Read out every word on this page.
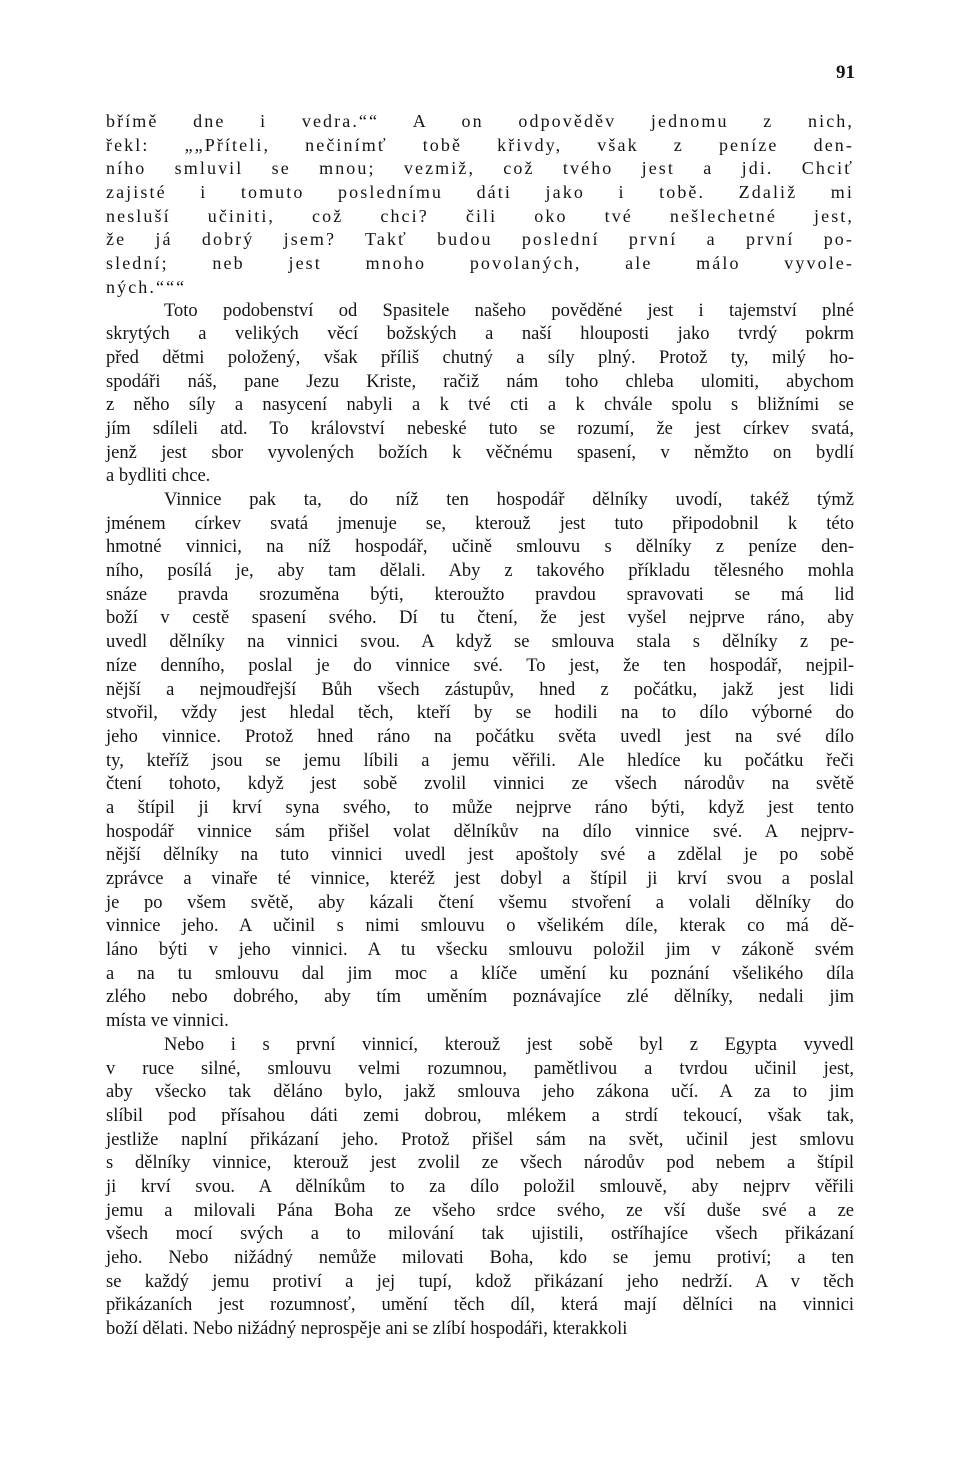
91
břímě dne i vedra.““ A on odpověděv jednomu z nich,
řekl: „„Příteli, nečinímť tobě křivdy, však z peníze den-
ního smluvil se mnou; vezmiž, což tvého jest a jdi. Chciť
zajisté i tomuto poslednímu dáti jako i tobě. Zdaliž mi
nesluší učiniti, což chci? čili oko tvé nešlechetné jest,
že já dobrý jsem? Takť budou poslední první a první po-
slední; neb jest mnoho povolaných, ale málo vyvole-
ných.“““
Toto podobenství od Spasitele našeho pověděné jest i tajemství plné
skrytých a velikých věcí božských a naší hlouposti jako tvrdý pokrm
před dětmi položený, však příliš chutný a síly plný. Protož ty, milý ho-
spodáři náš, pane Jezu Kriste, račiž nám toho chleba ulomiti, abychom
z něho síly a nasycení nabyli a k tvé cti a k chvále spolu s bližními se
jím sdíleli atd. To království nebeské tuto se rozumí, že jest církev svatá,
jenž jest sbor vyvolených božích k věčnému spasení, v němžto on bydlí
a bydliti chce.
Vinnice pak ta, do níž ten hospodář dělníky uvodí, takéž týmž
jménem církev svatá jmenuje se, kterouž jest tuto připodobnil k této
hmotné vinnici, na níž hospodář, učině smlouvu s dělníky z peníze den-
ního, posílá je, aby tam dělali. Aby z takového příkladu tělesného mohla
snáze pravda srozuměna býti, kteroužto pravdou spravovati se má lid
boží v cestě spasení svého. Dí tu čtení, že jest vyšel nejprve ráno, aby
uvedl dělníky na vinnici svou. A když se smlouva stala s dělníky z pe-
níze denního, poslal je do vinnice své. To jest, že ten hospodář, nejpil-
nější a nejmoudřejší Bůh všech zástupův, hned z počátku, jakž jest lidi
stvořil, vždy jest hledal těch, kteří by se hodili na to dílo výborné do
jeho vinnice. Protož hned ráno na počátku světa uvedl jest na své dílo
ty, kteříž jsou se jemu líbili a jemu věřili. Ale hledíce ku počátku řeči
čtení tohoto, když jest sobě zvolil vinnici ze všech národův na světě
a štípil ji krví syna svého, to může nejprve ráno býti, když jest tento
hospodář vinnice sám přišel volat dělníkův na dílo vinnice své. A nejprv-
nější dělníky na tuto vinnici uvedl jest apoštoly své a zdělal je po sobě
zprávce a vinaře té vinnice, kteréž jest dobyl a štípil ji krví svou a poslal
je po všem světě, aby kázali čtení všemu stvoření a volali dělníky do
vinnice jeho. A učinil s nimi smlouvu o všelikém díle, kterak co má dě-
láno býti v jeho vinnici. A tu všecku smlouvu položil jim v zákoně svém
a na tu smlouvu dal jim moc a klíče umění ku poznání všelikého díla
zlého nebo dobrého, aby tím uměním poznávajíce zlé dělníky, nedali jim
místa ve vinnici.
Nebo i s první vinnicí, kterouž jest sobě byl z Egypta vyvedl
v ruce silné, smlouvu velmi rozumnou, pamětlivou a tvrdou učinil jest,
aby všecko tak děláno bylo, jakž smlouva jeho zákona učí. A za to jim
slíbil pod přísahou dáti zemi dobrou, mlékem a strdí tekoucí, však tak,
jestliže naplní přikázaní jeho. Protož přišel sám na svět, učinil jest smlovu
s dělníky vinnice, kterouž jest zvolil ze všech národův pod nebem a štípil
ji krví svou. A dělníkům to za dílo položil smlouvě, aby nejprv věřili
jemu a milovali Pána Boha ze všeho srdce svého, ze vší duše své a ze
všech mocí svých a to milování tak ujistili, ostříhajíce všech přikázaní
jeho. Nebo nižádný nemůže milovati Boha, kdo se jemu protiví; a ten
se každý jemu protiví a jej tupí, kdož přikázaní jeho nedrží. A v těch
přikázaních jest rozumnosť, umění těch díl, která mají dělníci na vinnici
boží dělati. Nebo nižádný neprospěje ani se zlíbí hospodáři, kterakkoli
